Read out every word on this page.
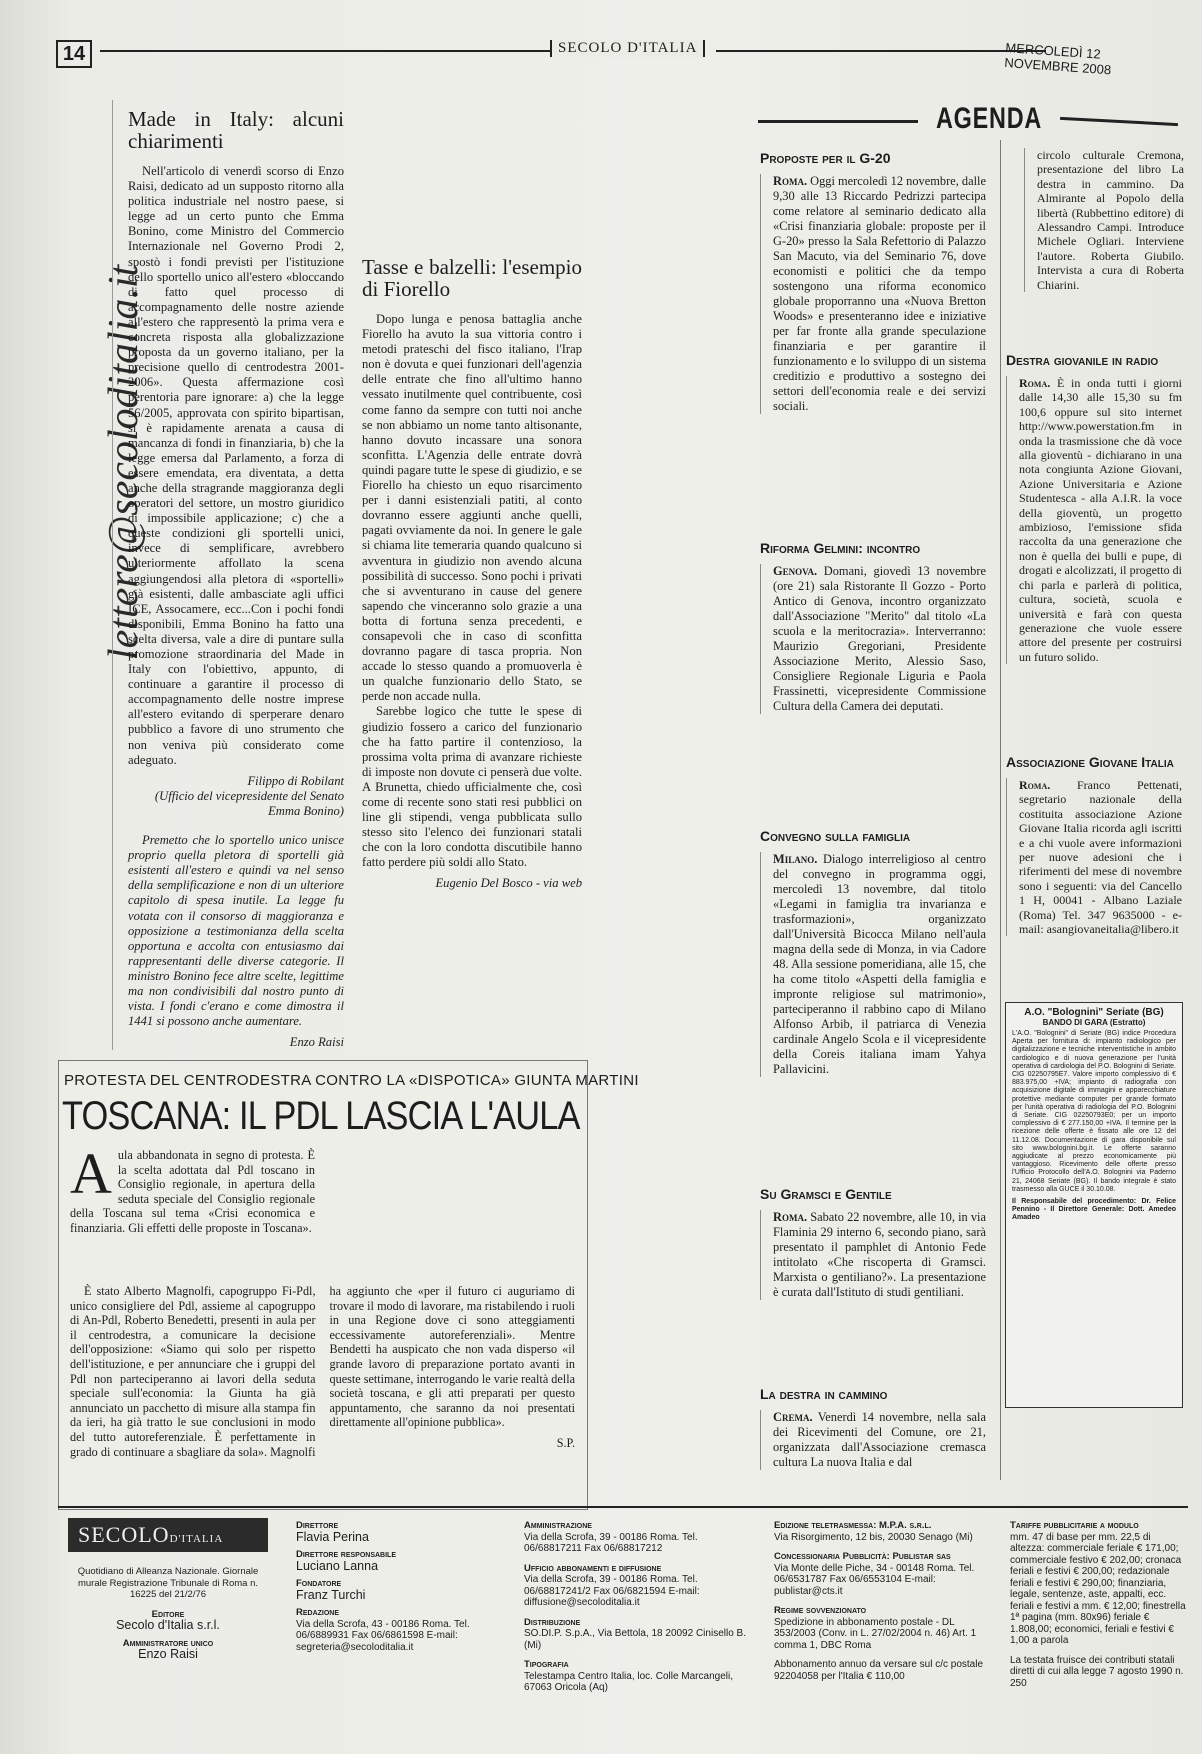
14	SECOLO D'ITALIA	MERCOLEDÌ 12 NOVEMBRE 2008
lettere@secoloditalia.it
Made in Italy: alcuni chiarimenti

Nell'articolo di venerdì scorso di Enzo Raisi, dedicato ad un supposto ritorno alla politica industriale nel nostro paese, si legge ad un certo punto che Emma Bonino, come Ministro del Commercio Internazionale nel Governo Prodi 2, spostò i fondi previsti per l'istituzione dello sportello unico all'estero «bloccando di fatto quel processo di accompagnamento delle nostre aziende all'estero che rappresentò la prima vera e concreta risposta alla globalizzazione proposta da un governo italiano, per la precisione quello di centrodestra 2001-2006». Questa affermazione così perentoria pare ignorare: a) che la legge 56/2005, approvata con spirito bipartisan, si è rapidamente arenata a causa di mancanza di fondi in finanziaria, b) che la legge emersa dal Parlamento, a forza di essere emendata, era diventata, a detta anche della stragrande maggioranza degli operatori del settore, un mostro giuridico di impossibile applicazione; c) che a queste condizioni gli sportelli unici, invece di semplificare, avrebbero ulteriormente affollato la scena aggiungendosi alla pletora di «sportelli» già esistenti, dalle ambasciate agli uffici ICE, Assocamere, ecc...Con i pochi fondi disponibili, Emma Bonino ha fatto una scelta diversa, vale a dire di puntare sulla promozione straordinaria del Made in Italy con l'obiettivo, appunto, di continuare a garantire il processo di accompagnamento delle nostre imprese all'estero evitando di sperperare denaro pubblico a favore di uno strumento che non veniva più considerato come adeguato.

Filippo di Robilant
(Ufficio del vicepresidente del Senato Emma Bonino)

Premetto che lo sportello unico unisce proprio quella pletora di sportelli già esistenti all'estero e quindi va nel senso della semplificazione e non di un ulteriore capitolo di spesa inutile. La legge fu votata con il consorso di maggioranza e opposizione a testimonianza della scelta opportuna e accolta con entusiasmo dai rappresentanti delle diverse categorie. Il ministro Bonino fece altre scelte, legittime ma non condivisibili dal nostro punto di vista. I fondi c'erano e come dimostra il 1441 si possono anche aumentare.

Enzo Raisi
Tasse e balzelli: l'esempio di Fiorello

Dopo lunga e penosa battaglia anche Fiorello ha avuto la sua vittoria contro i metodi prateschi del fisco italiano, l'Irap non è dovuta e quei funzionari dell'agenzia delle entrate che fino all'ultimo hanno vessato inutilmente quel contribuente, così come fanno da sempre con tutti noi anche se non abbiamo un nome tanto altisonante, hanno dovuto incassare una sonora sconfitta. L'Agenzia delle entrate dovrà quindi pagare tutte le spese di giudizio, e se Fiorello ha chiesto un equo risarcimento per i danni esistenziali patiti, al conto dovranno essere aggiunti anche quelli, pagati ovviamente da noi. In genere le gale si chiama lite temeraria quando qualcuno si avventura in giudizio non avendo alcuna possibilità di successo. Sono pochi i privati che si avventurano in cause del genere sapendo che vinceranno solo grazie a una botta di fortuna senza precedenti, e consapevoli che in caso di sconfitta dovranno pagare di tasca propria. Non accade lo stesso quando a promuoverla è un qualche funzionario dello Stato, se perde non accade nulla.

Sarebbe logico che tutte le spese di giudizio fossero a carico del funzionario che ha fatto partire il contenzioso, la prossima volta prima di avanzare richieste di imposte non dovute ci penserà due volte. A Brunetta, chiedo ufficialmente che, così come di recente sono stati resi pubblici on line gli stipendi, venga pubblicata sullo stesso sito l'elenco dei funzionari statali che con la loro condotta discutibile hanno fatto perdere più soldi allo Stato.

Eugenio Del Bosco - via web
PROTESTA DEL CENTRODESTRA CONTRO LA «DISPOTICA» GIUNTA MARTINI
TOSCANA: IL PDL LASCIA L'AULA
A ula abbandonata in segno di protesta. È la scelta adottata dal Pdl toscano in Consiglio regionale, in apertura della seduta speciale del Consiglio regionale della Toscana sul tema «Crisi economica e finanziaria. Gli effetti delle proposte in Toscana».

È stato Alberto Magnolfi, capogruppo Fi-Pdl, unico consigliere del Pdl, assieme al capogruppo di An-Pdl, Roberto Benedetti, presenti in aula per il centrodestra, a comunicare la decisione dell'opposizione: «Siamo qui solo per rispetto dell'istituzione, e per annunciare che i gruppi del Pdl non parteciperanno ai lavori della seduta speciale sull'economia: la Giunta ha già annunciato un pacchetto di misure alla stampa fin da ieri, ha già tratto le sue conclusioni in modo del tutto autoreferenziale. È perfettamente in grado di continuare a sbagliare da sola». Magnolfi ha aggiunto che «per il futuro ci auguriamo di trovare il modo di lavorare, ma ristabilendo i ruoli in una Regione dove ci sono atteggiamenti eccessivamente autoreferenziali». Mentre Bendetti ha auspicato che non vada disperso «il grande lavoro di preparazione portato avanti in queste settimane, interrogando le varie realtà della società toscana, e gli atti preparati per questo appuntamento, che saranno da noi presentati direttamente all'opinione pubblica».

S.P.
AGENDA
Proposte per il G-20
Roma. Oggi mercoledì 12 novembre, dalle 9,30 alle 13 Riccardo Pedrizzi partecipa come relatore al seminario dedicato alla «Crisi finanziaria globale: proposte per il G-20» presso la Sala Refettorio di Palazzo San Macuto, via del Seminario 76, dove economisti e politici che da tempo sostengono una riforma economico globale proporranno una «Nuova Bretton Woods» e presenteranno idee e iniziative per far fronte alla grande speculazione finanziaria e per garantire il funzionamento e lo sviluppo di un sistema creditizio e produttivo a sostegno dei settori dell'economia reale e dei servizi sociali.
Riforma Gelmini: incontro
Genova. Domani, giovedì 13 novembre (ore 21) sala Ristorante Il Gozzo - Porto Antico di Genova, incontro organizzato dall'Associazione "Merito" dal titolo «La scuola e la meritocrazia». Interverranno: Maurizio Gregoriani, Presidente Associazione Merito, Alessio Saso, Consigliere Regionale Liguria e Paola Frassinetti, vicepresidente Commissione Cultura della Camera dei deputati.
Convegno sulla famiglia
Milano. Dialogo interreligioso al centro del convegno in programma oggi, mercoledì 13 novembre, dal titolo «Legami in famiglia tra invarianza e trasformazioni», organizzato dall'Università Bicocca Milano nell'aula magna della sede di Monza, in via Cadore 48. Alla sessione pomeridiana, alle 15, che ha come titolo «Aspetti della famiglia e impronte religiose sul matrimonio», parteciperanno il rabbino capo di Milano Alfonso Arbib, il patriarca di Venezia cardinale Angelo Scola e il vicepresidente della Coreis italiana imam Yahya Pallavicini.
Su Gramsci e Gentile
Roma. Sabato 22 novembre, alle 10, in via Flaminia 29 interno 6, secondo piano, sarà presentato il pamphlet di Antonio Fede intitolato «Che riscoperta di Gramsci. Marxista o gentiliano?». La presentazione è curata dall'Istituto di studi gentiliani.
La destra in cammino
Crema. Venerdì 14 novembre, nella sala dei Ricevimenti del Comune, ore 21, organizzata dall'Associazione cremasca cultura La nuova Italia e dal
circolo culturale Cremona, presentazione del libro La destra in cammino. Da Almirante al Popolo della libertà (Rubbettino editore) di Alessandro Campi. Introduce Michele Ogliari. Interviene l'autore. Roberta Giubilo. Intervista a cura di Roberta Chiarini.
Destra giovanile in radio
Roma. È in onda tutti i giorni dalle 14,30 alle 15,30 su fm 100,6 oppure sul sito internet http://www.powerstation.fm in onda la trasmissione che dà voce alla gioventù - dichiarano in una nota congiunta Azione Giovani, Azione Universitaria e Azione Studentesca - alla A.I.R. la voce della gioventù, un progetto ambizioso, l'emissione sfida raccolta da una generazione che non è quella dei bulli e pupe, di drogati e alcolizzati, il progetto di chi parla e parlerà di politica, cultura, società, scuola e università e farà con questa generazione che vuole essere attore del presente per costruirsi un futuro solido.
Associazione Giovane Italia
Roma. Franco Pettenati, segretario nazionale della costituita associazione Azione Giovane Italia ricorda agli iscritti e a chi vuole avere informazioni per nuove adesioni che i riferimenti del mese di novembre sono i seguenti: via del Cancello 1 H, 00041 - Albano Laziale (Roma) Tel. 347 9635000 - e-mail: asangiovaneitalia@libero.it
A.O. "Bolognini" Seriate (BG)
BANDO DI GARA (Estratto)
L'A.O. "Bolognini" di Seriate (BG) indice Procedura Aperta per fornitura di: impianto radiologico per digitalizzazione e tecniche interventistiche in ambito cardiologico e di nuova generazione per l'unità operativa di cardiologia del P.O. Bolognini di Seriate. CIG 02250795E7. Valore importo complessivo di € 883.975,00 +IVA; impianto di radiografia con acquisizione digitale di immagini e apparecchiature protettive mediante computer per grande formato per l'unità operativa di radiologia del P.O. Bolognini di Seriate. CIG 02250793E0; per un importo complessivo di € 277.150,00 +IVA. Il termine per la ricezione delle offerte è fissato alle ore 12 del 11.12.08. Documentazione di gara disponibile sul sito www.bolognini.bg.it. Le offerte saranno aggiudicate al prezzo economicamente più vantaggioso. Ricevimento delle offerte presso l'Ufficio Protocollo dell'A.O. Bolognini via Paderno 21, 24068 Seriate (BG). Il bando integrale è stato trasmesso alla GUCE il 30.10.08.
Il Responsabile del procedimento: Dr. Felice Pennino - Il Direttore Generale: Dott. Amedeo Amadeo
SECOLOD'ITALIA
Quotidiano di Alleanza Nazionale. Giornale murale Registrazione Tribunale di Roma n. 16225 del 21/2/76
Editore
Secolo d'Italia s.r.l.
Amministratore unico
Enzo Raisi
Direttore
Flavia Perina
Direttore responsabile
Luciano Lanna
Fondatore
Franz Turchi
Redazione
Via della Scrofa, 43 - 00186 Roma. Tel. 06/6889931 Fax 06/6861598 E-mail: segreteria@secoloditalia.it
Amministrazione
Via della Scrofa, 39 - 00186 Roma. Tel. 06/68817211 Fax 06/68817212
Ufficio abbonamenti e diffusione
Via della Scrofa, 39 - 00186 Roma. Tel. 06/68817241/2 Fax 06/6821594 E-mail: diffusione@secoloditalia.it
Distribuzione
SO.DI.P. S.p.A., Via Bettola, 18 20092 Cinisello B. (Mi)
Tipografia
Telestampa Centro Italia, loc. Colle Marcangeli, 67063 Oricola (Aq)
Edizione teletrasmessa: M.P.A. s.r.l.
Via Risorgimento, 12 bis, 20030 Senago (Mi)
Concessionaria Pubblicità: Publistar sas
Via Monte delle Piche, 34 - 00148 Roma. Tel. 06/6531787 Fax 06/6553104 E-mail: publistar@cts.it
Regime sovvenzionato
Spedizione in abbonamento postale - DL 353/2003 (Conv. in L. 27/02/2004 n. 46) Art. 1 comma 1, DBC Roma
Abbonamento annuo da versare sul c/c postale 92204058 per l'Italia € 110,00
Tariffe pubblicitarie a modulo
mm. 47 di base per mm. 22,5 di altezza: commerciale feriale € 171,00; commerciale festivo € 202,00; cronaca feriali e festivi € 200,00; redazionale feriali e festivi € 290,00; finanziaria, legale, sentenze, aste, appalti, ecc. feriali e festivi a mm. € 12,00; finestrella 1ª pagina (mm. 80x96) feriale € 1.808,00; economici, feriali e festivi € 1,00 a parola
La testata fruisce dei contributi statali diretti di cui alla legge 7 agosto 1990 n. 250
